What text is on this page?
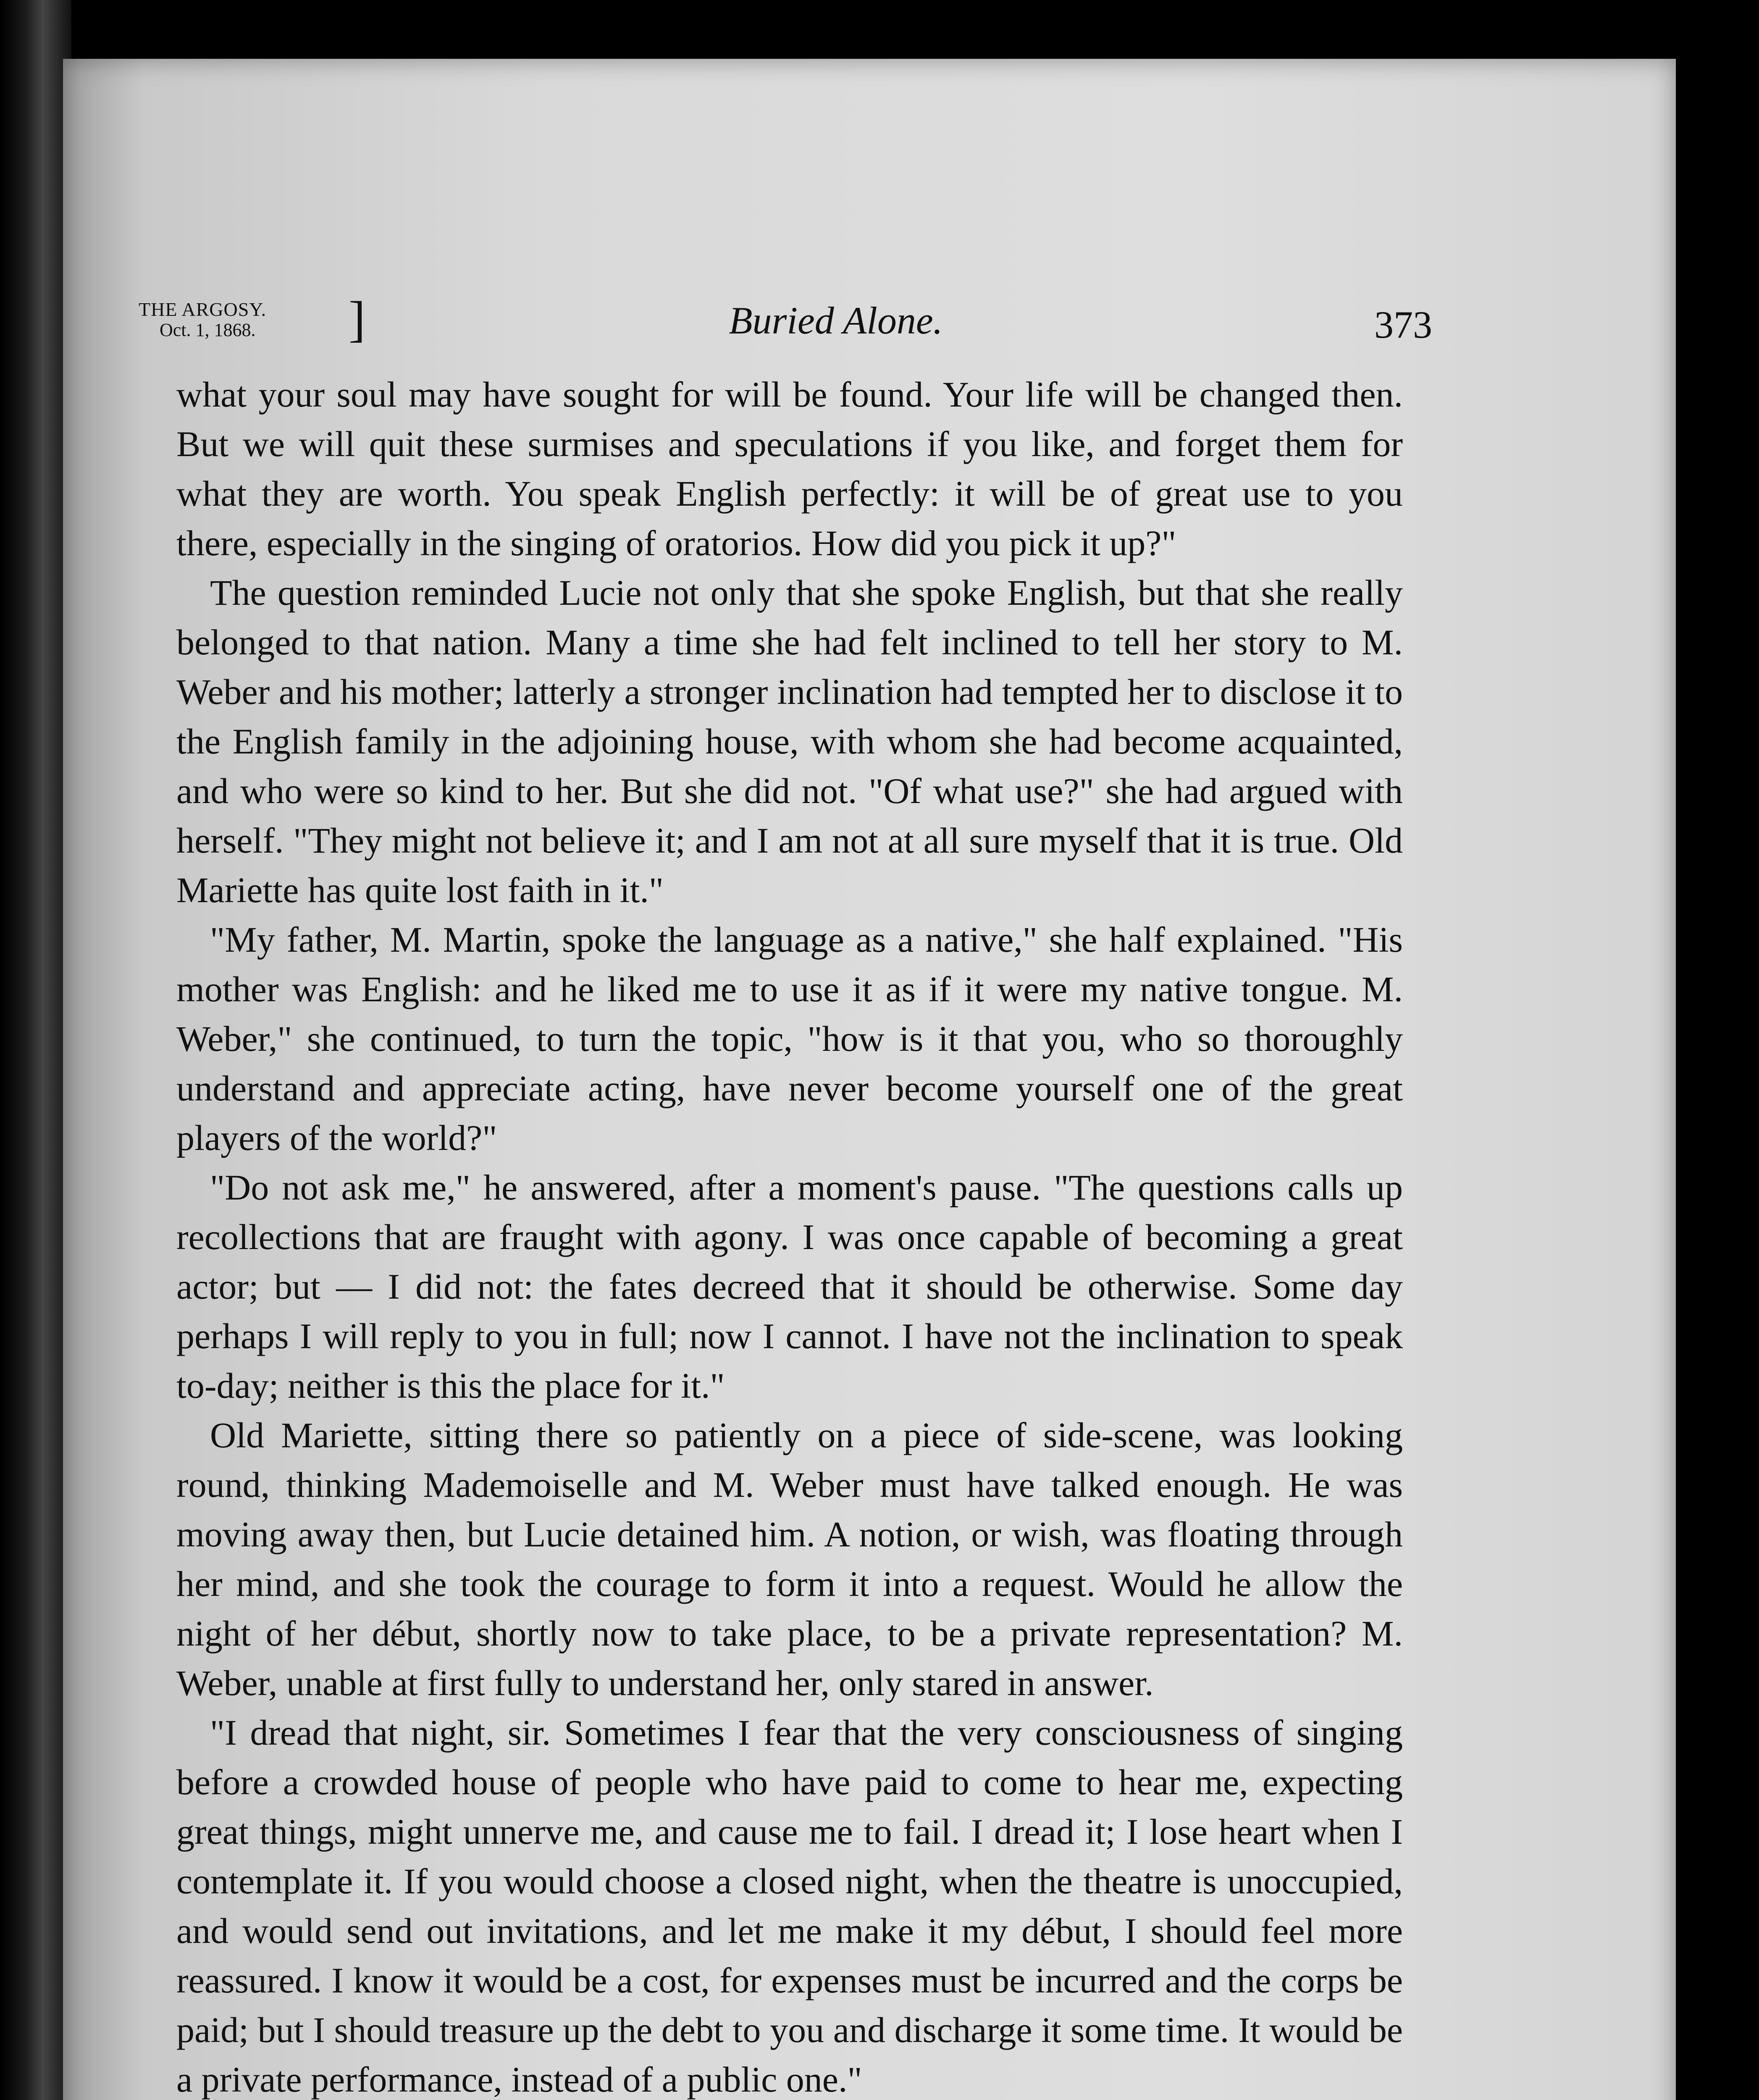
THE ARGOSY.
Oct. 1, 1868. ]	Buried Alone.	373

what your soul may have sought for will be found. Your life will be changed then. But we will quit these surmises and speculations if you like, and forget them for what they are worth. You speak English perfectly: it will be of great use to you there, especially in the singing of oratorios. How did you pick it up?"

The question reminded Lucie not only that she spoke English, but that she really belonged to that nation. Many a time she had felt inclined to tell her story to M. Weber and his mother; latterly a stronger inclination had tempted her to disclose it to the English family in the adjoining house, with whom she had become acquainted, and who were so kind to her. But she did not. "Of what use?" she had argued with herself. "They might not believe it; and I am not at all sure myself that it is true. Old Mariette has quite lost faith in it."

"My father, M. Martin, spoke the language as a native," she half explained. "His mother was English: and he liked me to use it as if it were my native tongue. M. Weber," she continued, to turn the topic, "how is it that you, who so thoroughly understand and appreciate acting, have never become yourself one of the great players of the world?"

"Do not ask me," he answered, after a moment's pause. "The questions calls up recollections that are fraught with agony. I was once capable of becoming a great actor; but — I did not: the fates decreed that it should be otherwise. Some day perhaps I will reply to you in full; now I cannot. I have not the inclination to speak to-day; neither is this the place for it."

Old Mariette, sitting there so patiently on a piece of side-scene, was looking round, thinking Mademoiselle and M. Weber must have talked enough. He was moving away then, but Lucie detained him. A notion, or wish, was floating through her mind, and she took the courage to form it into a request. Would he allow the night of her début, shortly now to take place, to be a private representation? M. Weber, unable at first fully to understand her, only stared in answer.

"I dread that night, sir. Sometimes I fear that the very consciousness of singing before a crowded house of people who have paid to come to hear me, expecting great things, might unnerve me, and cause me to fail. I dread it; I lose heart when I contemplate it. If you would choose a closed night, when the theatre is unoccupied, and would send out invitations, and let me make it my début, I should feel more reassured. I know it would be a cost, for expenses must be incurred and the corps be paid; but I should treasure up the debt to you and discharge it some time. It would be a private performance, instead of a public one."
